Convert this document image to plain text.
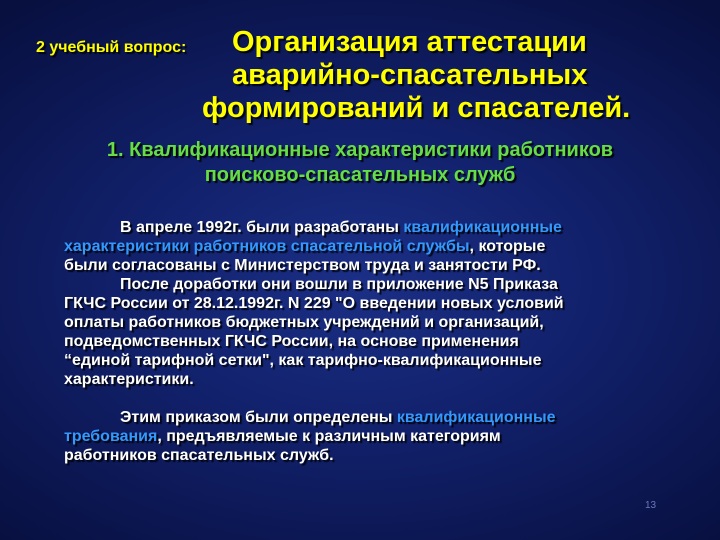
2 учебный вопрос:	Организация аттестации
аварийно-спасательных
формирований и спасателей.
1. Квалификационные характеристики работников
поисково-спасательных служб
В апреле 1992г. были разработаны квалификационные
характеристики работников спасательной службы, которые
были согласованы с Министерством труда и занятости РФ.
После доработки они вошли в приложение N5 Приказа
ГКЧС России от 28.12.1992г. N 229 "О введении новых условий
оплаты работников бюджетных учреждений и организаций,
подведомственных ГКЧС России, на основе применения
“единой тарифной сетки", как тарифно-квалификационные
характеристики.
Этим приказом были определены квалификационные
требования, предъявляемые к различным категориям
работников спасательных служб.
13
